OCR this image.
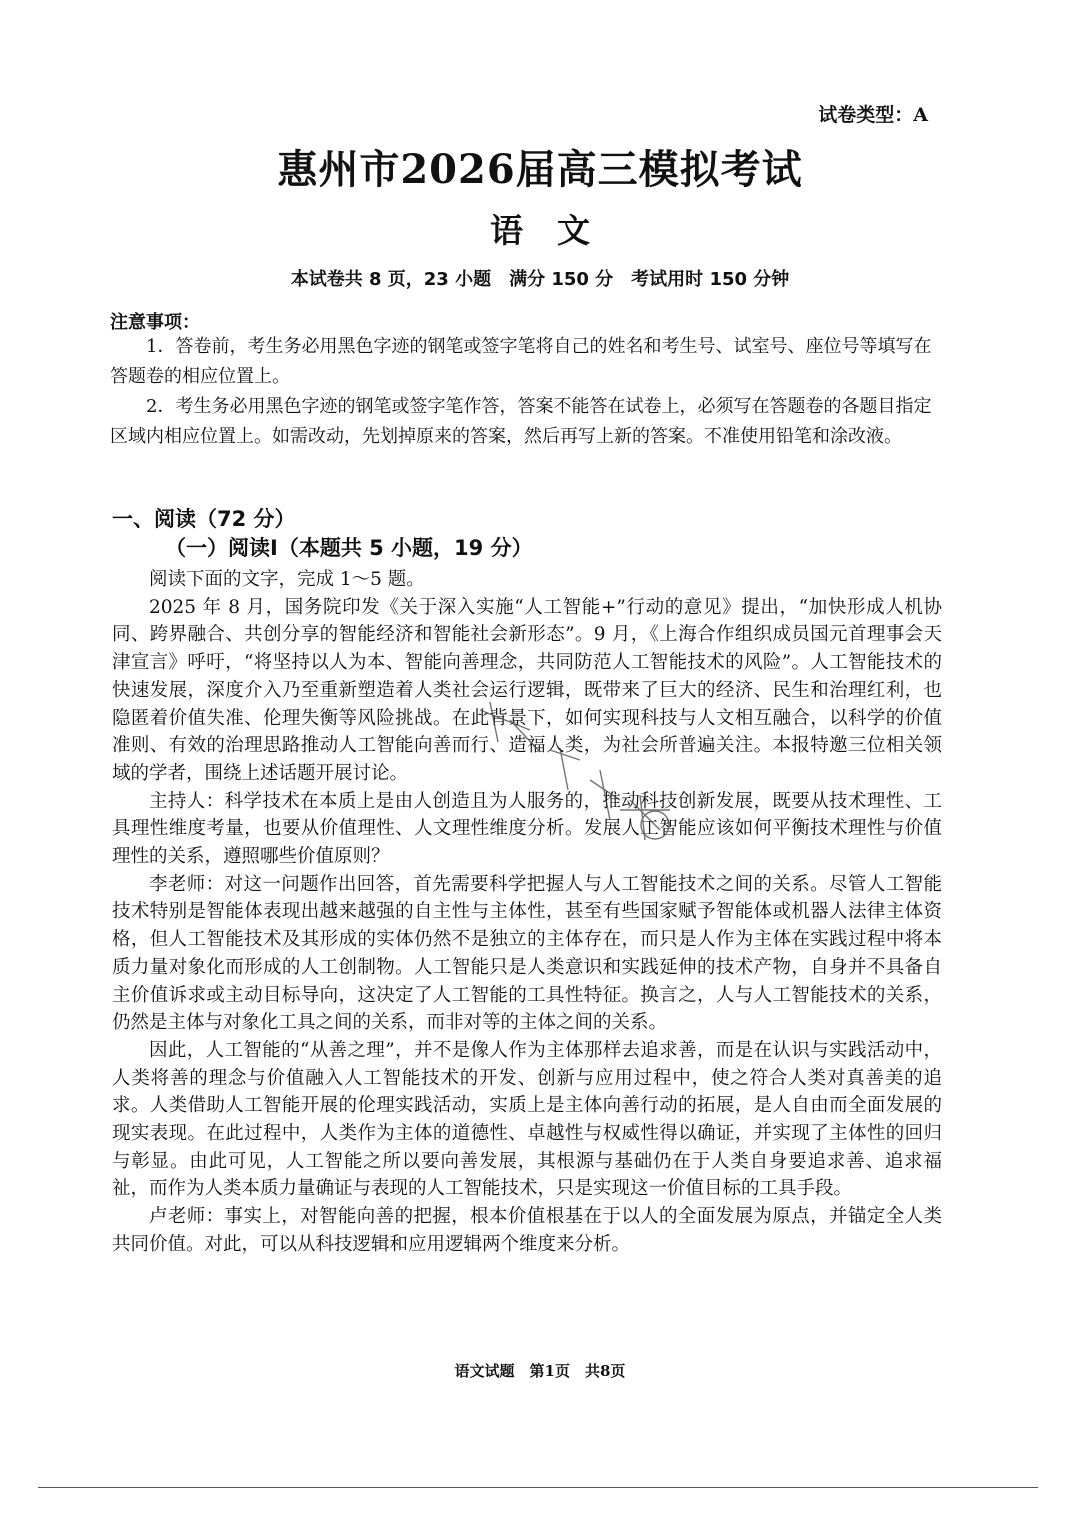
试卷类型：A
惠州市2026届高三模拟考试
语文
本试卷共 8 页，23 小题　满分 150 分　考试用时 150 分钟
注意事项：

1．答卷前，考生务必用黑色字迹的钢笔或签字笔将自己的姓名和考生号、试室号、座位号等填写在答题卷的相应位置上。

2．考生务必用黑色字迹的钢笔或签字笔作答，答案不能答在试卷上，必须写在答题卷的各题目指定区域内相应位置上。如需改动，先划掉原来的答案，然后再写上新的答案。不准使用铅笔和涂改液。

一、阅读（72 分）
（一）阅读Ⅰ（本题共 5 小题，19 分）

阅读下面的文字，完成 1～5 题。

2025 年 8 月，国务院印发《关于深入实施“人工智能+”行动的意见》提出，“加快形成人机协同、跨界融合、共创分享的智能经济和智能社会新形态”。9 月，《上海合作组织成员国元首理事会天津宣言》呼吁，“将坚持以人为本、智能向善理念，共同防范人工智能技术的风险”。人工智能技术的快速发展，深度介入乃至重新塑造着人类社会运行逻辑，既带来了巨大的经济、民生和治理红利，也隐匿着价值失准、伦理失衡等风险挑战。在此背景下，如何实现科技与人文相互融合，以科学的价值准则、有效的治理思路推动人工智能向善而行、造福人类，为社会所普遍关注。本报特邀三位相关领域的学者，围绕上述话题开展讨论。

主持人：科学技术在本质上是由人创造且为人服务的，推动科技创新发展，既要从技术理性、工具理性维度考量，也要从价值理性、人文理性维度分析。发展人工智能应该如何平衡技术理性与价值理性的关系，遵照哪些价值原则？

李老师：对这一问题作出回答，首先需要科学把握人与人工智能技术之间的关系。尽管人工智能技术特别是智能体表现出越来越强的自主性与主体性，甚至有些国家赋予智能体或机器人法律主体资格，但人工智能技术及其形成的实体仍然不是独立的主体存在，而只是人作为主体在实践过程中将本质力量对象化而形成的人工创制物。人工智能只是人类意识和实践延伸的技术产物，自身并不具备自主价值诉求或主动目标导向，这决定了人工智能的工具性特征。换言之，人与人工智能技术的关系，仍然是主体与对象化工具之间的关系，而非对等的主体之间的关系。

因此，人工智能的“从善之理”，并不是像人作为主体那样去追求善，而是在认识与实践活动中，人类将善的理念与价值融入人工智能技术的开发、创新与应用过程中，使之符合人类对真善美的追求。人类借助人工智能开展的伦理实践活动，实质上是主体向善行动的拓展，是人自由而全面发展的现实表现。在此过程中，人类作为主体的道德性、卓越性与权威性得以确证，并实现了主体性的回归与彰显。由此可见，人工智能之所以要向善发展，其根源与基础仍在于人类自身要追求善、追求福祉，而作为人类本质力量确证与表现的人工智能技术，只是实现这一价值目标的工具手段。

卢老师：事实上，对智能向善的把握，根本价值根基在于以人的全面发展为原点，并锚定全人类共同价值。对此，可以从科技逻辑和应用逻辑两个维度来分析。

语文试题　第1页　共8页
